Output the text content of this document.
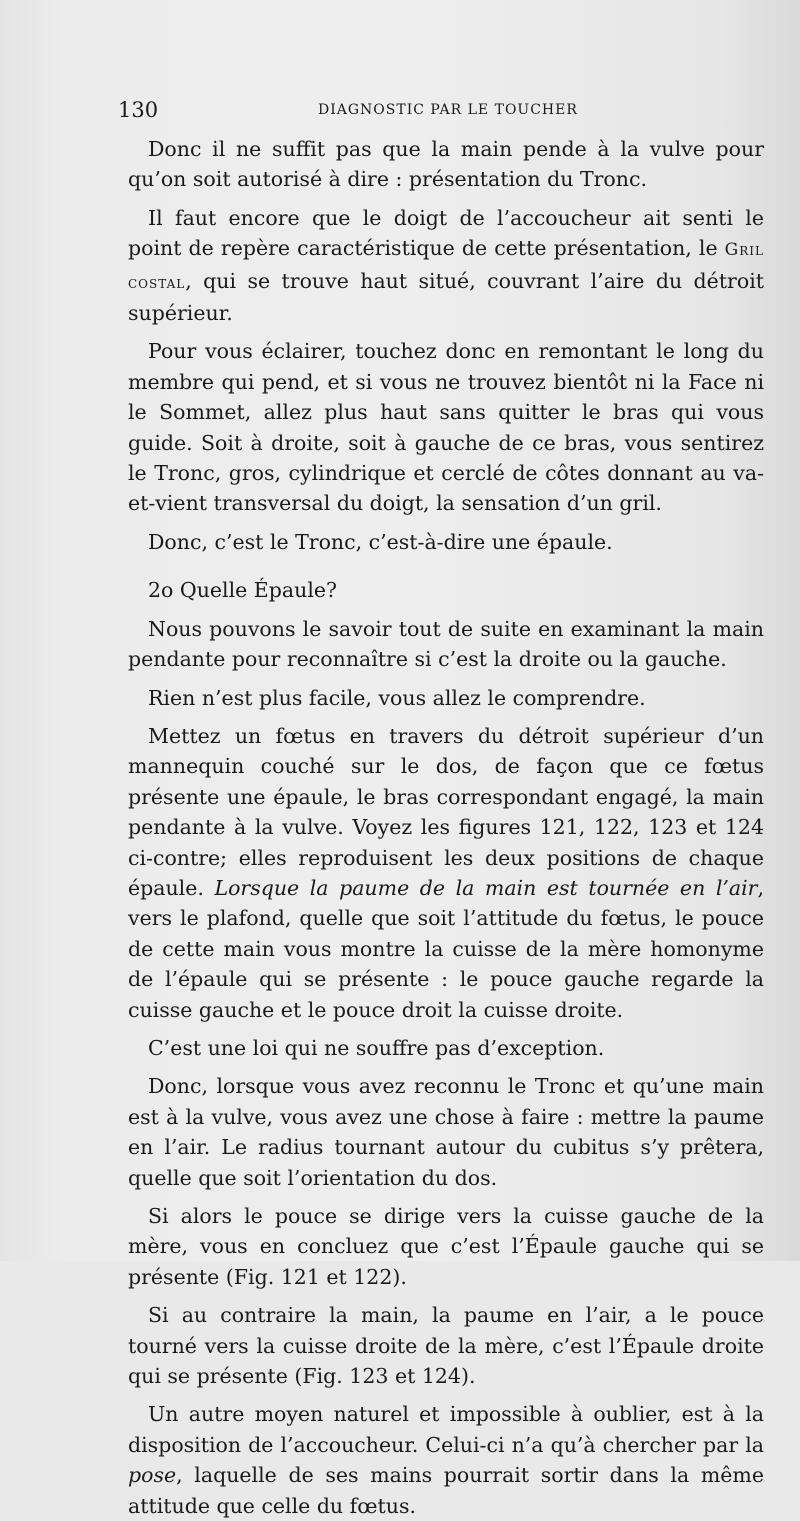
130	DIAGNOSTIC PAR LE TOUCHER

Donc il ne suffit pas que la main pende à la vulve pour qu’on soit autorisé à dire : présentation du Tronc.

Il faut encore que le doigt de l’accoucheur ait senti le point de repère caractéristique de cette présentation, le Gril costal, qui se trouve haut situé, couvrant l’aire du détroit supérieur.

Pour vous éclairer, touchez donc en remontant le long du membre qui pend, et si vous ne trouvez bientôt ni la Face ni le Sommet, allez plus haut sans quitter le bras qui vous guide. Soit à droite, soit à gauche de ce bras, vous sentirez le Tronc, gros, cylindrique et cerclé de côtes donnant au va-et-vient transversal du doigt, la sensation d’un gril.

Donc, c’est le Tronc, c’est-à-dire une épaule.

2o Quelle Épaule?

Nous pouvons le savoir tout de suite en examinant la main pendante pour reconnaître si c’est la droite ou la gauche.

Rien n’est plus facile, vous allez le comprendre.

Mettez un fœtus en travers du détroit supérieur d’un mannequin couché sur le dos, de façon que ce fœtus présente une épaule, le bras correspondant engagé, la main pendante à la vulve. Voyez les figures 121, 122, 123 et 124 ci-contre; elles reproduisent les deux positions de chaque épaule. Lorsque la paume de la main est tournée en l’air, vers le plafond, quelle que soit l’attitude du fœtus, le pouce de cette main vous montre la cuisse de la mère homonyme de l’épaule qui se présente : le pouce gauche regarde la cuisse gauche et le pouce droit la cuisse droite.

C’est une loi qui ne souffre pas d’exception.

Donc, lorsque vous avez reconnu le Tronc et qu’une main est à la vulve, vous avez une chose à faire : mettre la paume en l’air. Le radius tournant autour du cubitus s’y prêtera, quelle que soit l’orientation du dos.

Si alors le pouce se dirige vers la cuisse gauche de la mère, vous en concluez que c’est l’Épaule gauche qui se présente (Fig. 121 et 122).

Si au contraire la main, la paume en l’air, a le pouce tourné vers la cuisse droite de la mère, c’est l’Épaule droite qui se présente (Fig. 123 et 124).

Un autre moyen naturel et impossible à oublier, est à la disposition de l’accoucheur. Celui-ci n’a qu’à chercher par la pose, laquelle de ses mains pourrait sortir dans la même attitude que celle du fœtus.
